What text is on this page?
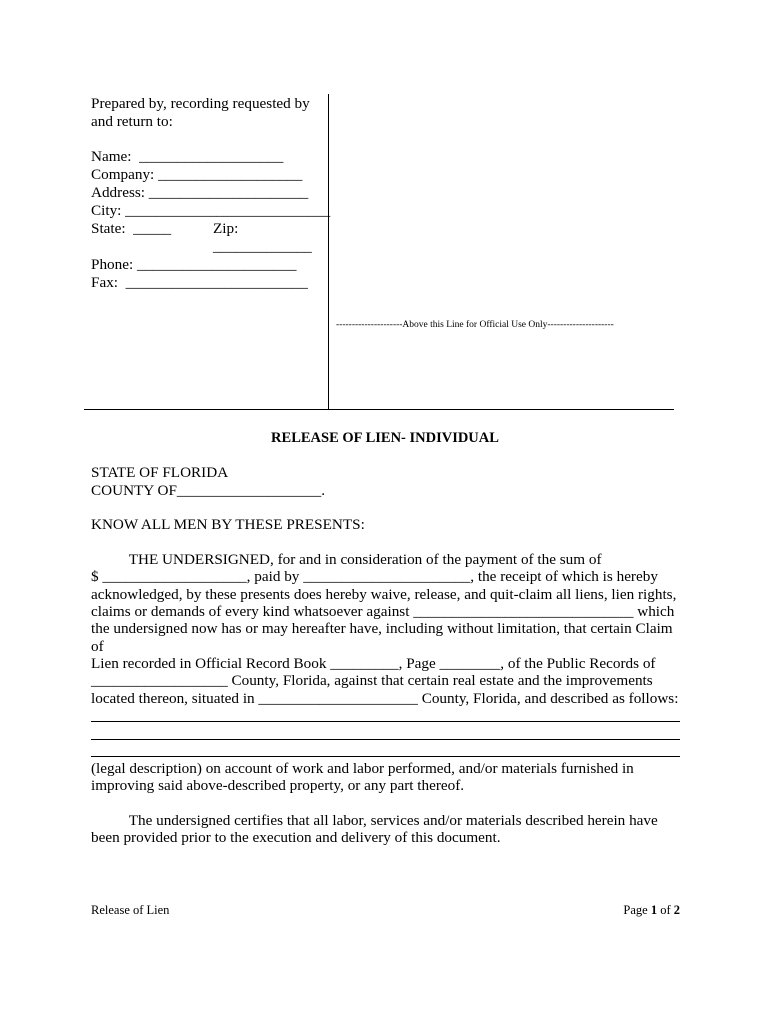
Prepared by, recording requested by
and return to:
Name:  ___________________
Company: ___________________
Address: _____________________
City: ___________________________
State:  _____	Zip:
_____________
Phone: _____________________
Fax:  ________________________
---------------------Above this Line for Official Use Only---------------------
RELEASE OF LIEN- INDIVIDUAL
STATE OF FLORIDA
COUNTY OF___________________.
KNOW ALL MEN BY THESE PRESENTS:
THE UNDERSIGNED, for and in consideration of the payment of the sum of
$ ___________________, paid by ______________________, the receipt of which is hereby
acknowledged, by these presents does hereby waive, release, and quit-claim all liens, lien rights,
claims or demands of every kind whatsoever against _____________________________ which
the undersigned now has or may hereafter have, including without limitation, that certain Claim
of
Lien recorded in Official Record Book _________, Page ________, of the Public Records of
__________________ County, Florida, against that certain real estate and the improvements
located thereon, situated in _____________________ County, Florida, and described as follows:
(legal description) on account of work and labor performed, and/or materials furnished in
improving said above-described property, or any part thereof.
The undersigned certifies that all labor, services and/or materials described herein have
been provided prior to the execution and delivery of this document.
Release of Lien	Page 1 of 2
